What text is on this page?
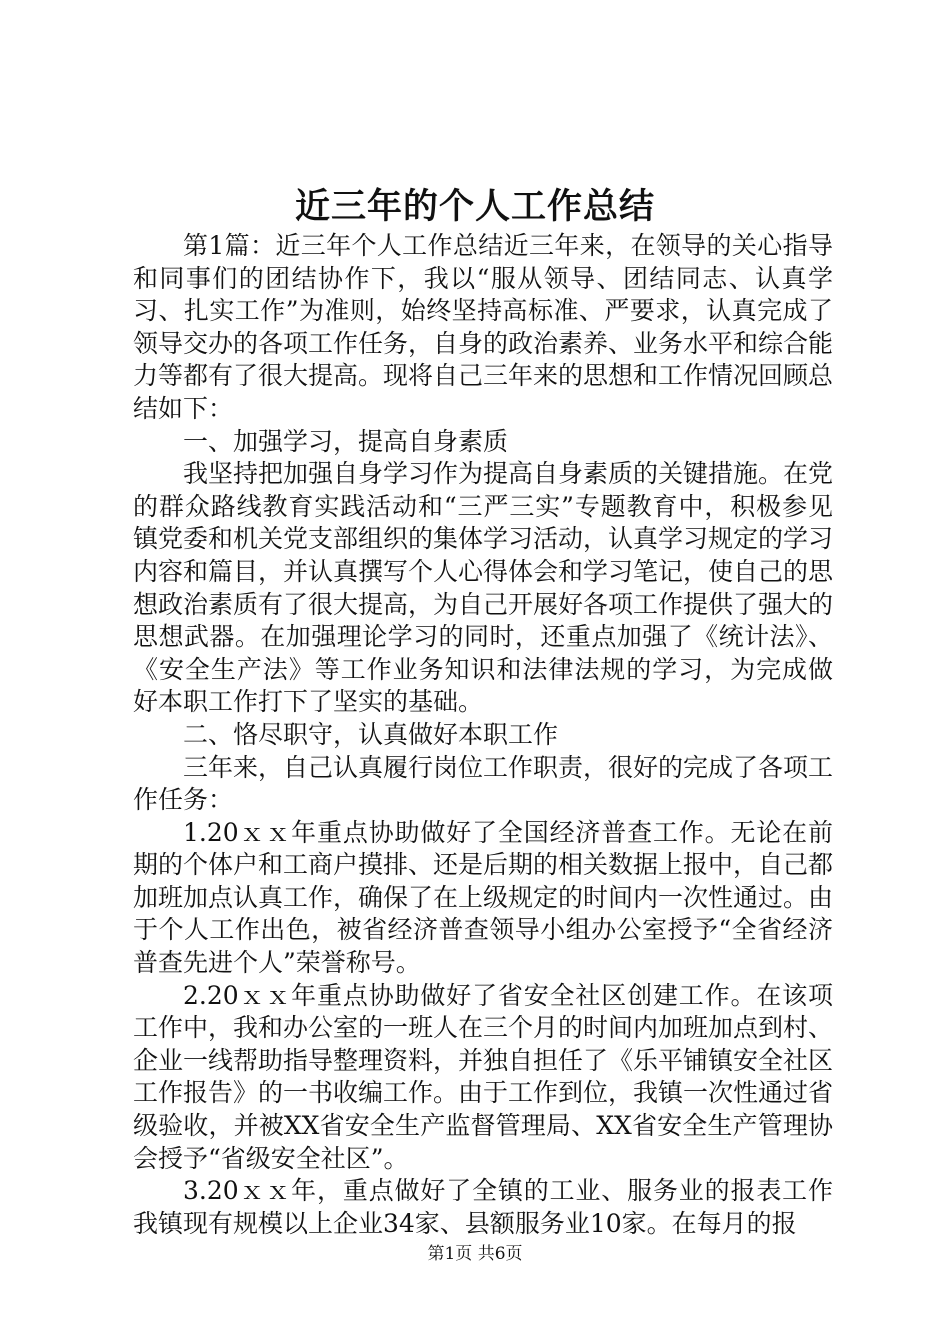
近三年的个人工作总结

第1篇：近三年个人工作总结近三年来，在领导的关心指导和同事们的团结协作下，我以“服从领导、团结同志、认真学习、扎实工作”为准则，始终坚持高标准、严要求，认真完成了领导交办的各项工作任务，自身的政治素养、业务水平和综合能力等都有了很大提高。现将自己三年来的思想和工作情况回顾总结如下：

一、加强学习，提高自身素质

我坚持把加强自身学习作为提高自身素质的关键措施。在党的群众路线教育实践活动和“三严三实”专题教育中，积极参见镇党委和机关党支部组织的集体学习活动，认真学习规定的学习内容和篇目，并认真撰写个人心得体会和学习笔记，使自己的思想政治素质有了很大提高，为自己开展好各项工作提供了强大的思想武器。在加强理论学习的同时，还重点加强了《统计法》、《安全生产法》等工作业务知识和法律法规的学习，为完成做好本职工作打下了坚实的基础。

二、恪尽职守，认真做好本职工作

三年来，自己认真履行岗位工作职责，很好的完成了各项工作任务：

1.20ｘｘ年重点协助做好了全国经济普查工作。无论在前期的个体户和工商户摸排、还是后期的相关数据上报中，自己都加班加点认真工作，确保了在上级规定的时间内一次性通过。由于个人工作出色，被省经济普查领导小组办公室授予“全省经济普查先进个人”荣誉称号。

2.20ｘｘ年重点协助做好了省安全社区创建工作。在该项工作中，我和办公室的一班人在三个月的时间内加班加点到村、企业一线帮助指导整理资料，并独自担任了《乐平铺镇安全社区工作报告》的一书收编工作。由于工作到位，我镇一次性通过省级验收，并被XX省安全生产监督管理局、XX省安全生产管理协会授予“省级安全社区”。

3.20ｘｘ年，重点做好了全镇的工业、服务业的报表工作我镇现有规模以上企业34家、县额服务业10家。在每月的报

第1页 共6页
